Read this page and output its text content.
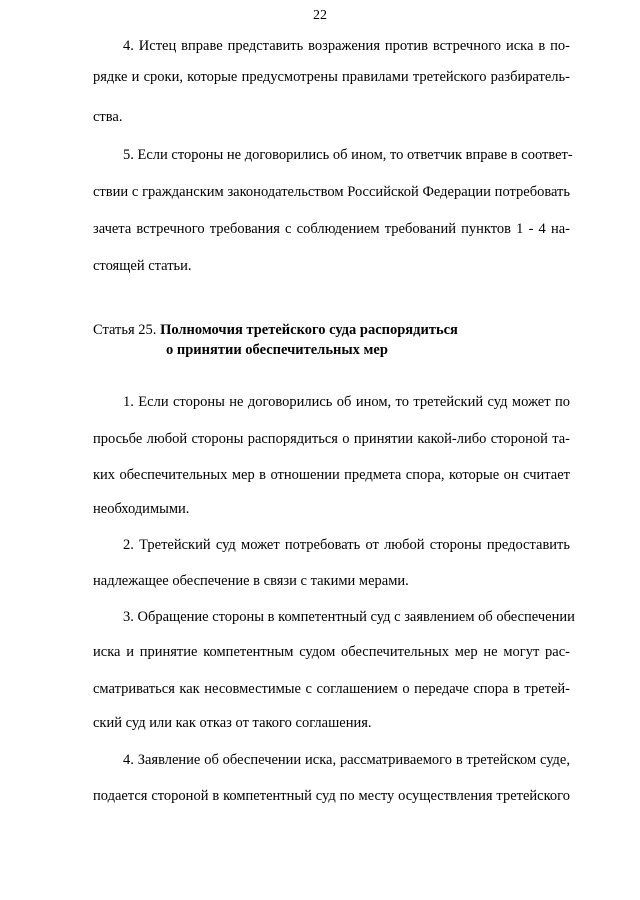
22
4. Истец вправе представить возражения против встречного иска в по-
рядке и сроки, которые предусмотрены правилами третейского разбиратель-
ства.
5. Если стороны не договорились об ином, то ответчик вправе в соответ-
ствии с гражданским законодательством Российской Федерации потребовать
зачета встречного требования с соблюдением требований пунктов 1 - 4 на-
стоящей статьи.
Статья 25. Полномочия третейского суда распорядиться
о принятии обеспечительных мер
1. Если стороны не договорились об ином, то третейский суд может по
просьбе любой стороны распорядиться о принятии какой-либо стороной та-
ких обеспечительных мер в отношении предмета спора, которые он считает
необходимыми.
2. Третейский суд может потребовать от любой стороны предоставить
надлежащее обеспечение в связи с такими мерами.
3. Обращение стороны в компетентный суд с заявлением об обеспечении
иска и принятие компетентным судом обеспечительных мер не могут рас-
сматриваться как несовместимые с соглашением о передаче спора в третей-
ский суд или как отказ от такого соглашения.
4. Заявление об обеспечении иска, рассматриваемого в третейском суде,
подается стороной в компетентный суд по месту осуществления третейского
